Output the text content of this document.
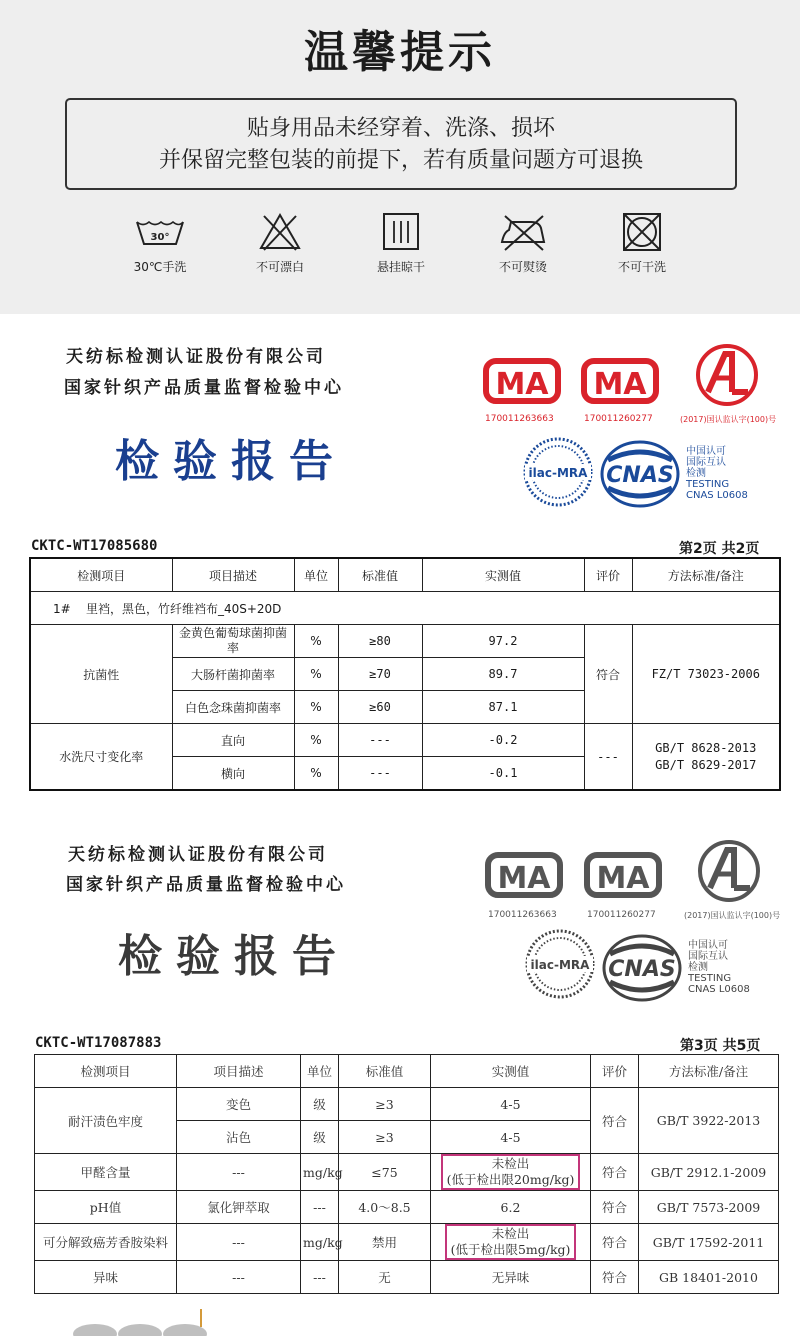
温馨提示
贴身用品未经穿着、洗涤、损坏
并保留完整包装的前提下，若有质量问题方可退换
30°
30℃手洗	不可漂白	悬挂晾干	不可熨烫	不可干洗
天纺标检测认证股份有限公司
国家针织产品质量监督检验中心
检验报告
MA
170011263663
MA
170011260277	(2017)国认监认字(100)号
ilac-MRA CNAS
中国认可
国际互认
检测
TESTING
CNAS L0608
CKTC-WT17085680	第2页 共2页
检测项目	项目描述	单位	标准值	实测值	评价	方法标准/备注
1#    里裆，黑色，竹纤维裆布_40S+20D						
抗菌性	金黄色葡萄球菌抑菌率	%	≥80	97.2	符合	FZ/T 73023-2006
	大肠杆菌抑菌率	%	≥70	89.7		
	白色念珠菌抑菌率	%	≥60	87.1		
水洗尺寸变化率	直向	%	---	-0.2	---	GB/T 8628-2013
GB/T 8629-2017

	横向	%	---	-0.1		
天纺标检测认证股份有限公司
国家针织产品质量监督检验中心
检验报告
MA
170011263663
MA
170011260277	(2017)国认监认字(100)号
ilac-MRA CNAS
中国认可
国际互认
检测
TESTING
CNAS L0608
CKTC-WT17087883	第3页 共5页
检测项目	项目描述	单位	标准值	实测值	评价	方法标准/备注
耐汗渍色牢度	变色	级	≥3	4-5	符合	GB/T 3922-2013
	沾色	级	≥3	4-5		
甲醛含量	---	mg/kg	≤75	未检出
(低于检出限20mg/kg)	符合	GB/T 2912.1-2009
pH值	氯化钾萃取	---	4.0～8.5	6.2	符合	GB/T 7573-2009
可分解致癌芳香胺染料	---	mg/kg	禁用	未检出
(低于检出限5mg/kg)	符合	GB/T 17592-2011
异味	---	---	无	无异味	符合	GB 18401-2010
